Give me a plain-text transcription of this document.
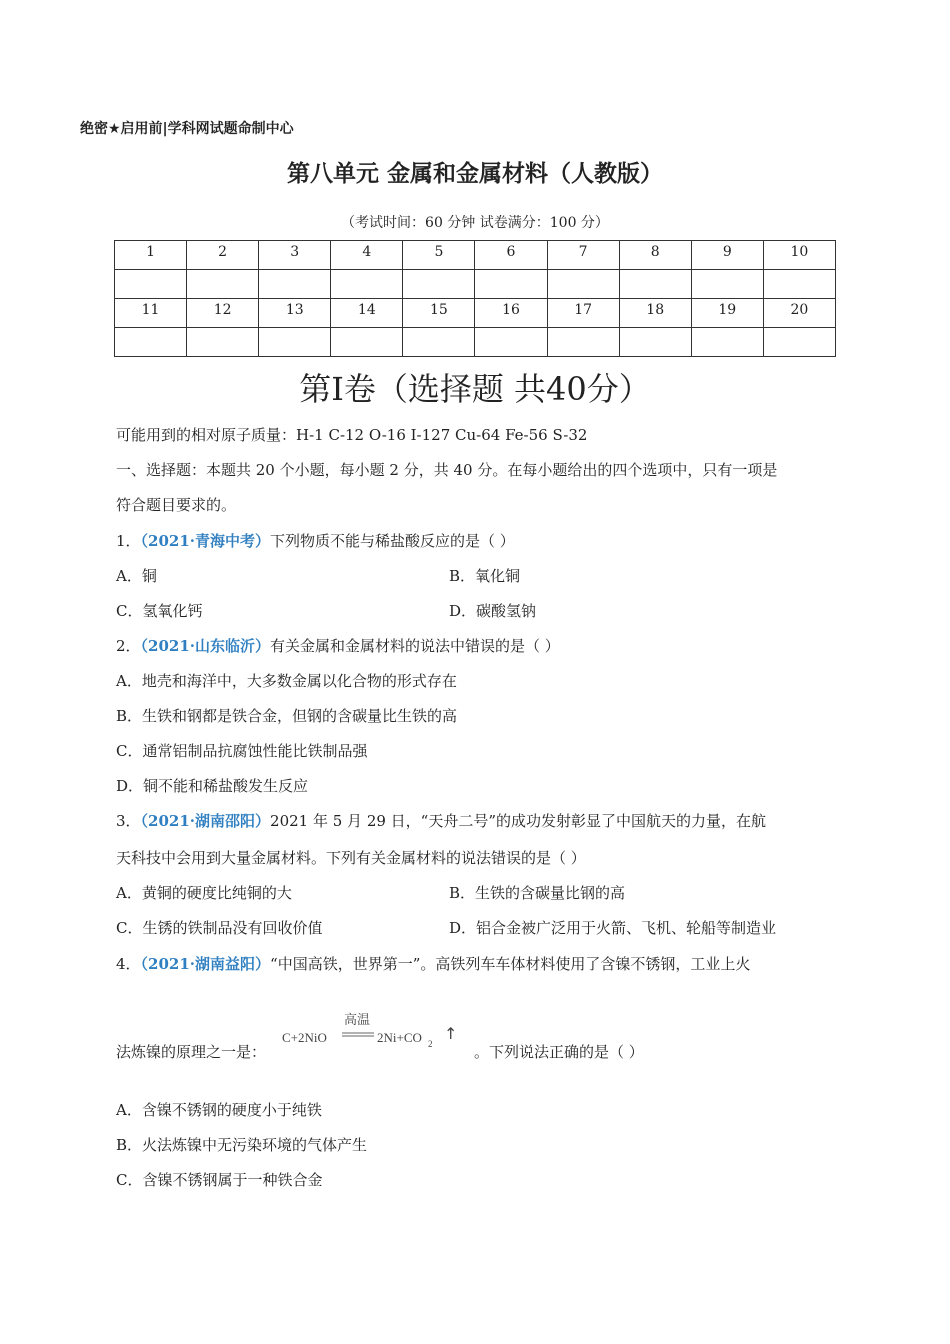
绝密★启用前|学科网试题命制中心
第八单元 金属和金属材料（人教版）
（考试时间：60 分钟 试卷满分：100 分）
1	2	3	4	5	6	7	8	9	10

11	12	13	14	15	16	17	18	19	20

第Ⅰ卷（选择题 共40分）
可能用到的相对原子质量：H-1 C-12 O-16 I-127 Cu-64 Fe-56 S-32
一、选择题：本题共 20 个小题，每小题 2 分，共 40 分。在每小题给出的四个选项中，只有一项是
符合题目要求的。
1．（2021·青海中考）下列物质不能与稀盐酸反应的是（ ）
A．铜	B．氧化铜
C．氢氧化钙	D．碳酸氢钠
2．（2021·山东临沂）有关金属和金属材料的说法中错误的是（ ）
A．地壳和海洋中，大多数金属以化合物的形式存在
B．生铁和钢都是铁合金，但钢的含碳量比生铁的高
C．通常铝制品抗腐蚀性能比铁制品强
D．铜不能和稀盐酸发生反应
3．（2021·湖南邵阳）2021 年 5 月 29 日，“天舟二号”的成功发射彰显了中国航天的力量，在航
天科技中会用到大量金属材料。下列有关金属材料的说法错误的是（ ）
A．黄铜的硬度比纯铜的大	B．生铁的含碳量比钢的高
C．生锈的铁制品没有回收价值	D．铝合金被广泛用于火箭、飞机、轮船等制造业
4．（2021·湖南益阳）“中国高铁，世界第一”。高铁列车车体材料使用了含镍不锈钢，工业上火
法炼镍的原理之一是：
C+2NiO
高温
2Ni+CO 2
↑
。下列说法正确的是（ ）
A．含镍不锈钢的硬度小于纯铁
B．火法炼镍中无污染环境的气体产生
C．含镍不锈钢属于一种铁合金
